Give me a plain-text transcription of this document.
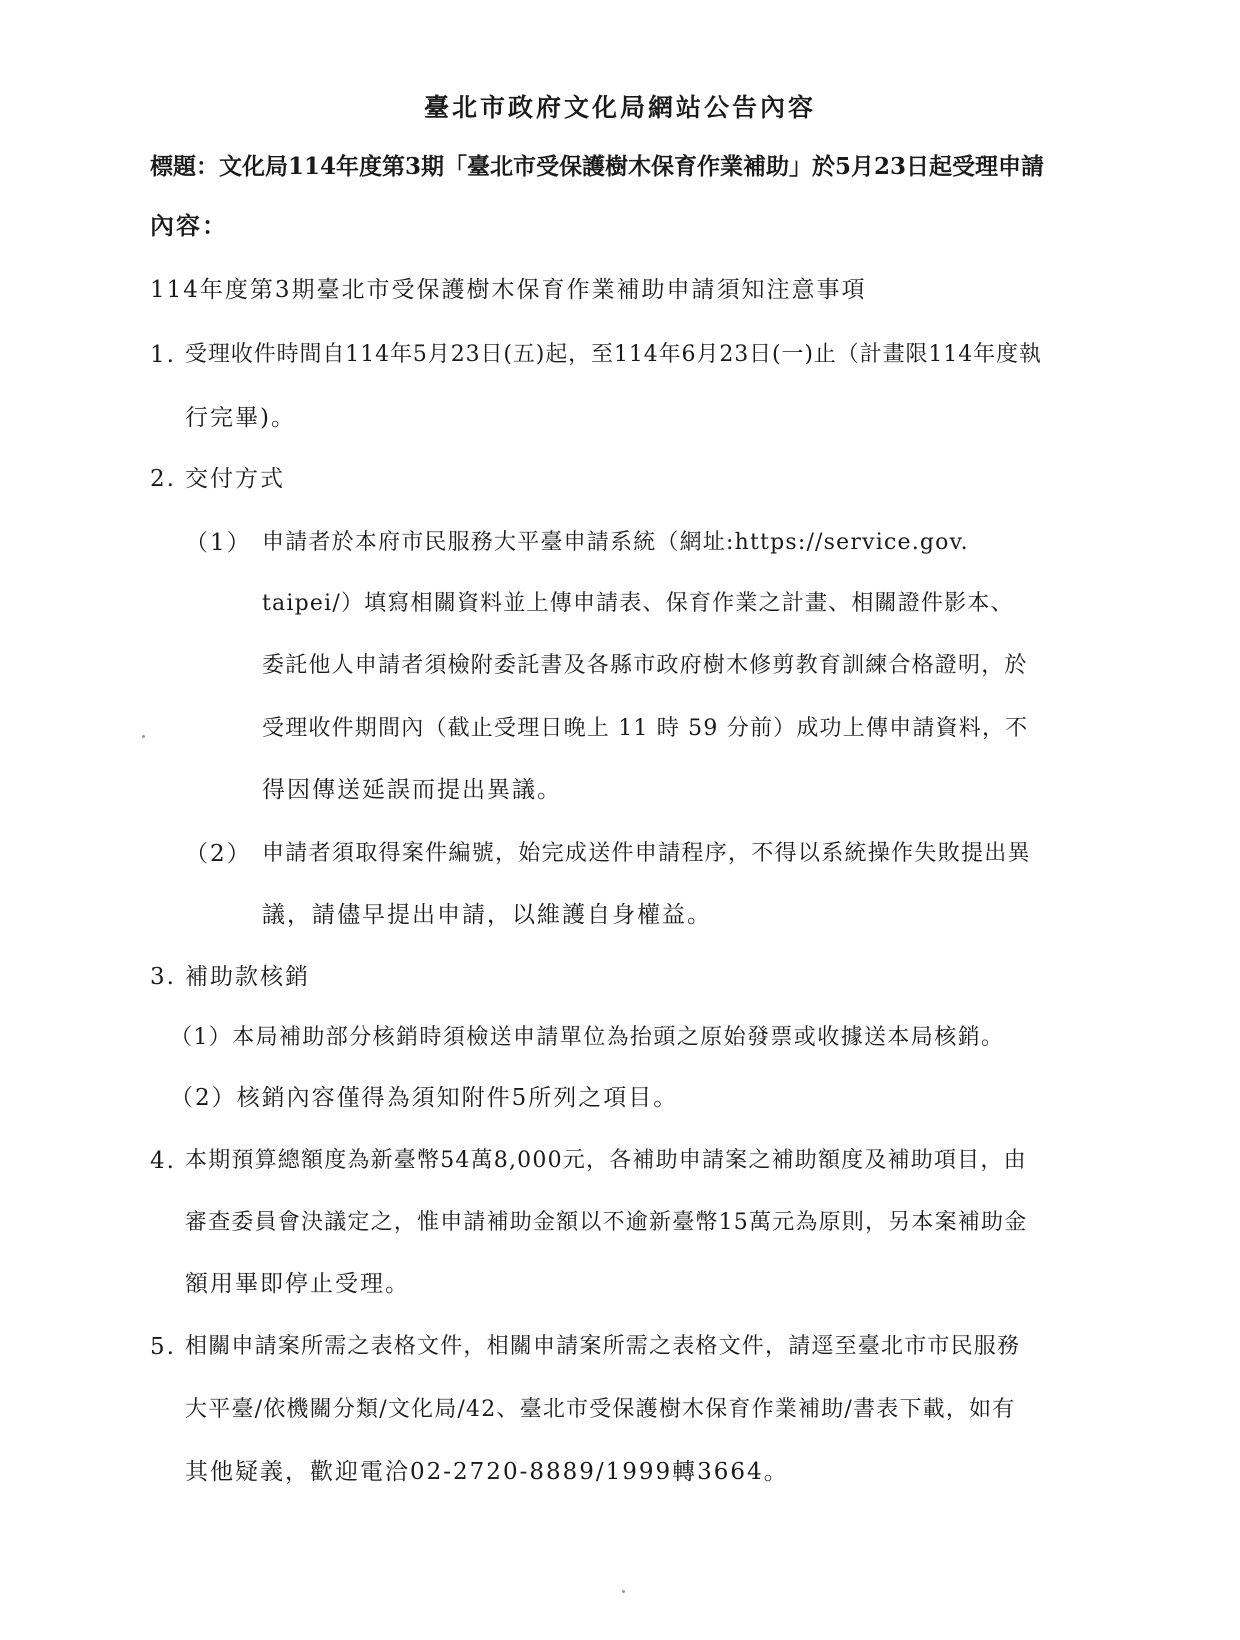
臺北市政府文化局網站公告內容
標題：文化局114年度第3期「臺北市受保護樹木保育作業補助」於5月23日起受理申請
內容：
114年度第3期臺北市受保護樹木保育作業補助申請須知注意事項
1. 受理收件時間自114年5月23日(五)起，至114年6月23日(一)止（計畫限114年度執
行完畢)。
2. 交付方式
（1） 申請者於本府市民服務大平臺申請系統（網址:https://service.gov.
taipei/）填寫相關資料並上傳申請表、保育作業之計畫、相關證件影本、
委託他人申請者須檢附委託書及各縣市政府樹木修剪教育訓練合格證明，於
受理收件期間內（截止受理日晚上 11 時 59 分前）成功上傳申請資料，不
得因傳送延誤而提出異議。
（2） 申請者須取得案件編號，始完成送件申請程序，不得以系統操作失敗提出異
議，請儘早提出申請，以維護自身權益。
3. 補助款核銷
（1）本局補助部分核銷時須檢送申請單位為抬頭之原始發票或收據送本局核銷。
（2）核銷內容僅得為須知附件5所列之項目。
4. 本期預算總額度為新臺幣54萬8,000元，各補助申請案之補助額度及補助項目，由
審查委員會決議定之，惟申請補助金額以不逾新臺幣15萬元為原則，另本案補助金
額用畢即停止受理。
5. 相關申請案所需之表格文件，相關申請案所需之表格文件，請逕至臺北市市民服務
大平臺/依機關分類/文化局/42、臺北市受保護樹木保育作業補助/書表下載，如有
其他疑義，歡迎電洽02-2720-8889/1999轉3664。
